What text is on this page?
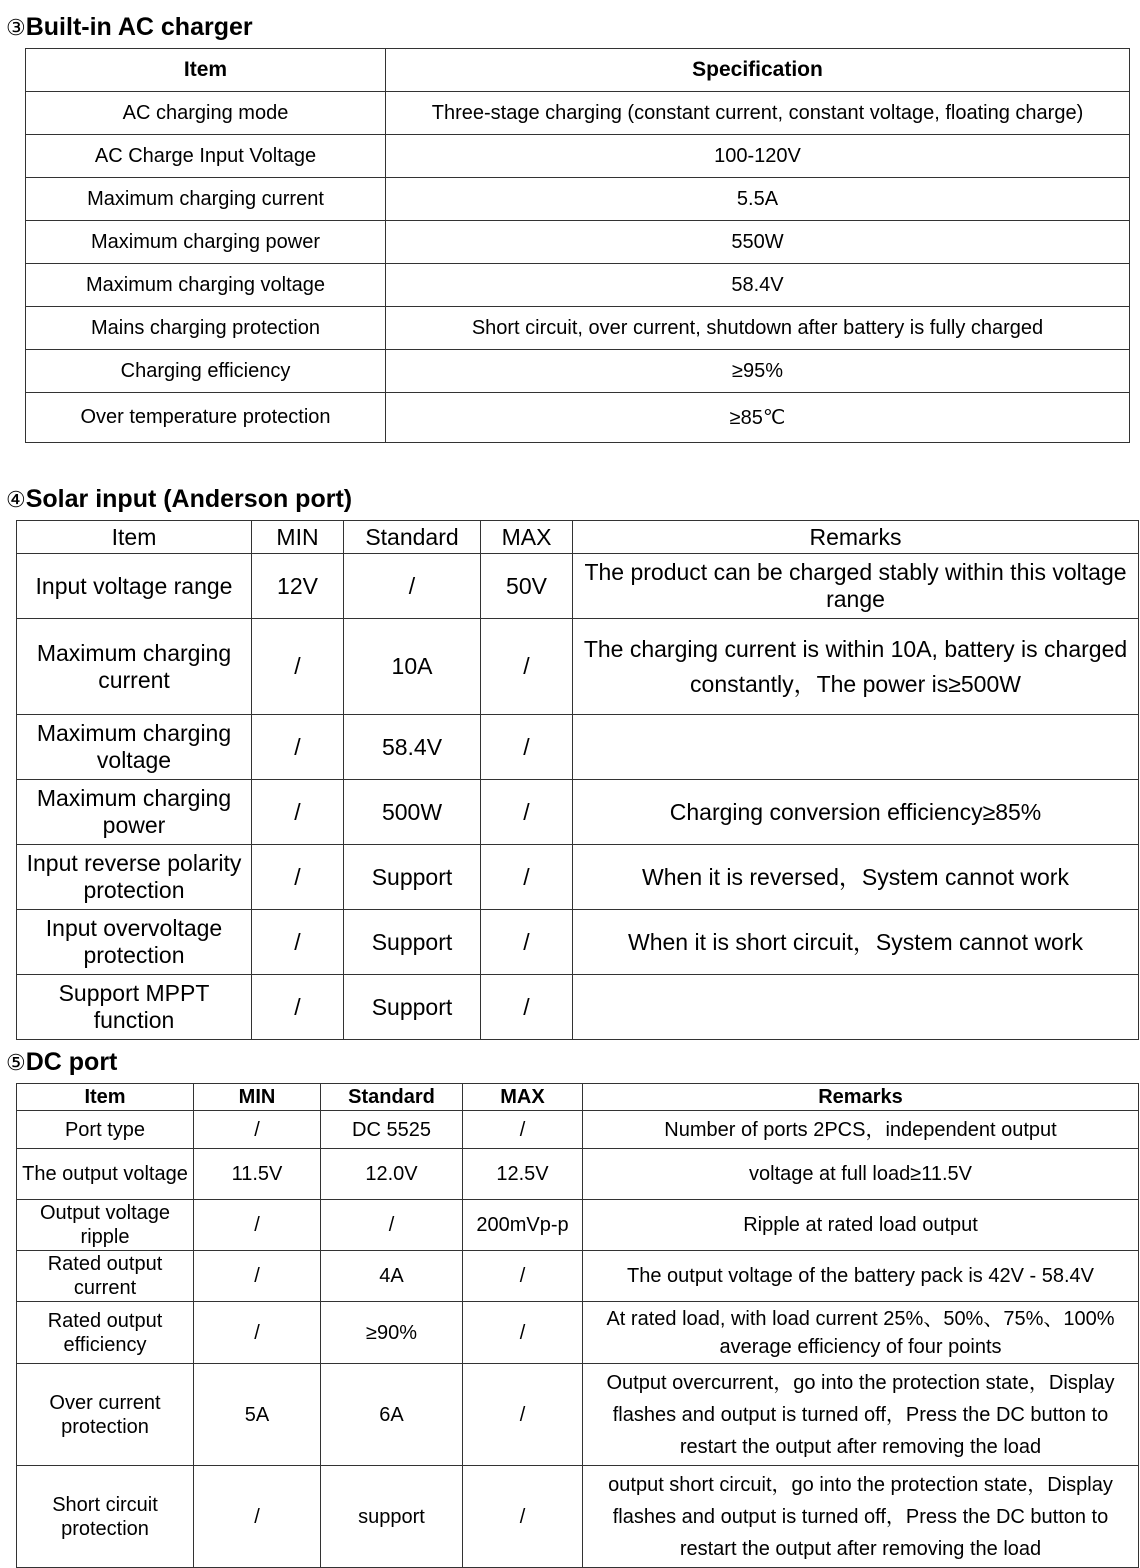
③Built-in AC charger
Item	Specification
AC charging mode	Three-stage charging (constant current, constant voltage, floating charge)
AC Charge Input Voltage	100-120V
Maximum charging current	5.5A
Maximum charging power	550W
Maximum charging voltage	58.4V
Mains charging protection	Short circuit, over current, shutdown after battery is fully charged
Charging efficiency	≥95%
Over temperature protection	≥85℃
④Solar input (Anderson port)
Item	MIN	Standard	MAX	Remarks
Input voltage range	12V	/	50V	The product can be charged stably within this voltage range
Maximum charging current	/	10A	/	The charging current is within 10A, battery is charged constantly，The power is≥500W
Maximum charging voltage	/	58.4V	/	
Maximum charging power	/	500W	/	Charging conversion efficiency≥85%
Input reverse polarity protection	/	Support	/	When it is reversed，System cannot work
Input overvoltage protection	/	Support	/	When it is short circuit，System cannot work
Support MPPT function	/	Support	/	
⑤DC port
Item	MIN	Standard	MAX	Remarks
Port type	/	DC 5525	/	Number of ports 2PCS，independent output
The output voltage	11.5V	12.0V	12.5V	voltage at full load≥11.5V
Output voltage ripple	/	/	200mVp-p	Ripple at rated load output
Rated output current	/	4A	/	The output voltage of the battery pack is 42V - 58.4V
Rated output efficiency	/	≥90%	/	At rated load, with load current 25%、50%、75%、100% average efficiency of four points
Over current protection	5A	6A	/	Output overcurrent，go into the protection state，Display flashes and output is turned off，Press the DC button to restart the output after removing the load
Short circuit protection	/	support	/	output short circuit，go into the protection state，Display flashes and output is turned off，Press the DC button to restart the output after removing the load
